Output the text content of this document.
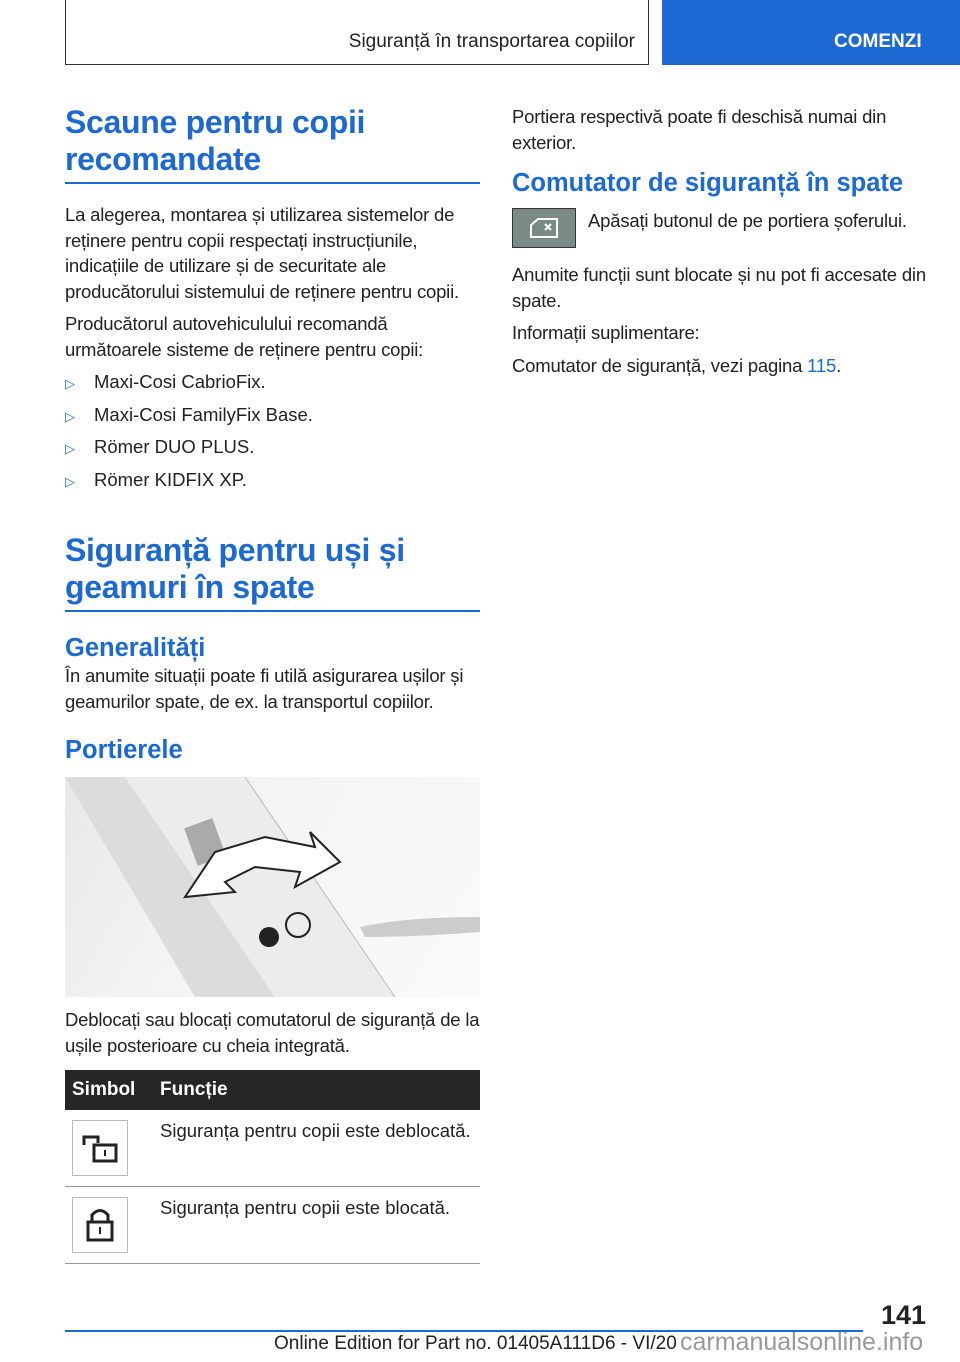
Siguranță în transportarea copiilor	COMENZI
Scaune pentru copii recomandate

La alegerea, montarea și utilizarea sistemelor de reținere pentru copii respectați instrucțiunile, indicațiile de utilizare și de securitate ale producătorului sistemului de reținere pentru copii.

Producătorul autovehiculului recomandă următoarele sisteme de reținere pentru copii:

▷ Maxi-Cosi CabrioFix.
▷ Maxi-Cosi FamilyFix Base.
▷ Römer DUO PLUS.
▷ Römer KIDFIX XP.
Siguranță pentru uși și geamuri în spate
Generalități

În anumite situații poate fi utilă asigurarea ușilor și geamurilor spate, de ex. la transportul copiilor.

Portierele

Deblocați sau blocați comutatorul de siguranță de la ușile posterioare cu cheia integrată.

Simbol	Funcție

	Siguranța pentru copii este deblocată.

	Siguranța pentru copii este blocată.

Portiera respectivă poate fi deschisă numai din exterior.

Comutator de siguranță în spate

Apăsați butonul de pe portiera șoferului.

Anumite funcții sunt blocate și nu pot fi accesate din spate.

Informații suplimentare:

Comutator de siguranță, vezi pagina 115.

141
Online Edition for Part no. 01405A111D6 - VI/20 carmanualsonline.info
